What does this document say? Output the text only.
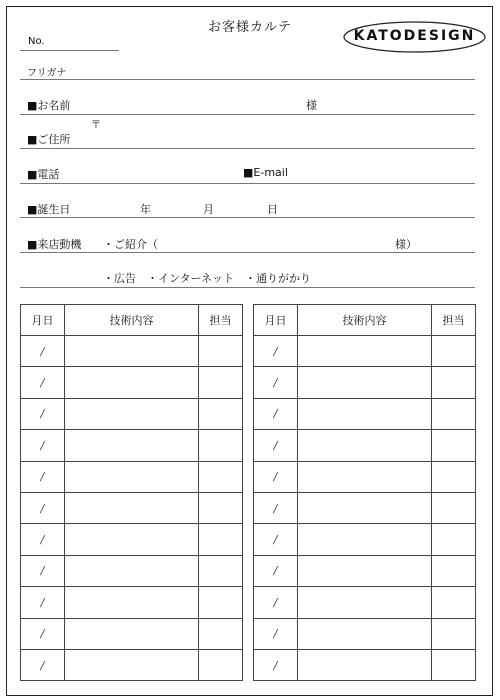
お客様カルテ
KATODESIGN
No.
フリガナ
■お名前	様
〒
■ご住所
■電話	■E-mail
■誕生日	年	月	日
■来店動機 ・ご紹介（	様）
・広告　・インターネット　・通りがかり
月日	技術内容	担当
/		
/		
/		
/		
/		
/		
/		
/		
/		
/		
/		
月日	技術内容	担当
/		
/		
/		
/		
/		
/		
/		
/		
/		
/		
/		
